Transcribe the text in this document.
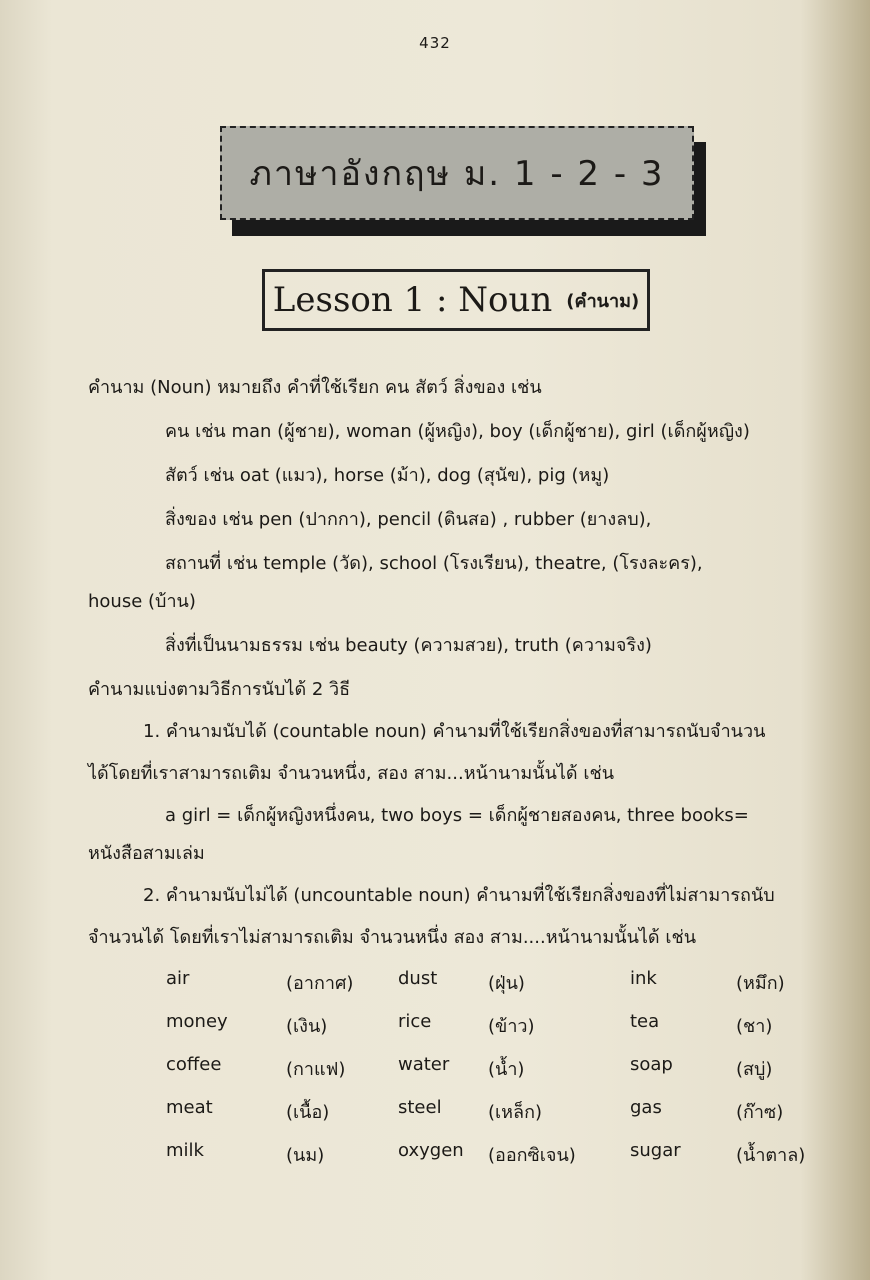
432
ภาษาอังกฤษ ม. 1 - 2 - 3
Lesson 1 : Noun (คำนาม)
คำนาม (Noun) หมายถึง คำที่ใช้เรียก คน สัตว์ สิ่งของ เช่น
คน เช่น man (ผู้ชาย), woman (ผู้หญิง), boy (เด็กผู้ชาย), girl (เด็กผู้หญิง)
สัตว์ เช่น oat (แมว), horse (ม้า), dog (สุนัข), pig (หมู)
สิ่งของ เช่น pen (ปากกา), pencil (ดินสอ) , rubber (ยางลบ),
สถานที่ เช่น temple (วัด), school (โรงเรียน), theatre, (โรงละคร),
house (บ้าน)
สิ่งที่เป็นนามธรรม เช่น beauty (ความสวย), truth (ความจริง)
คำนามแบ่งตามวิธีการนับได้ 2 วิธี
1. คำนามนับได้ (countable noun) คำนามที่ใช้เรียกสิ่งของที่สามารถนับจำนวน
ได้โดยที่เราสามารถเติม จำนวนหนึ่ง, สอง สาม...หน้านามนั้นได้ เช่น
a girl = เด็กผู้หญิงหนึ่งคน, two boys = เด็กผู้ชายสองคน, three books=
หนังสือสามเล่ม
2. คำนามนับไม่ได้ (uncountable noun) คำนามที่ใช้เรียกสิ่งของที่ไม่สามารถนับ
จำนวนได้ โดยที่เราไม่สามารถเติม จำนวนหนึ่ง สอง สาม....หน้านามนั้นได้ เช่น
air	(อากาศ) dust	(ฝุ่น)	ink	(หมึก)
money	(เงิน)	rice	(ข้าว)	tea	(ชา)
coffee	(กาแฟ)	water (น้ำ)	soap	(สบู่)
meat	(เนื้อ)	steel	(เหล็ก)	gas	(ก๊าซ)
milk	(นม)	oxygen (ออกซิเจน)	sugar	(น้ำตาล)
